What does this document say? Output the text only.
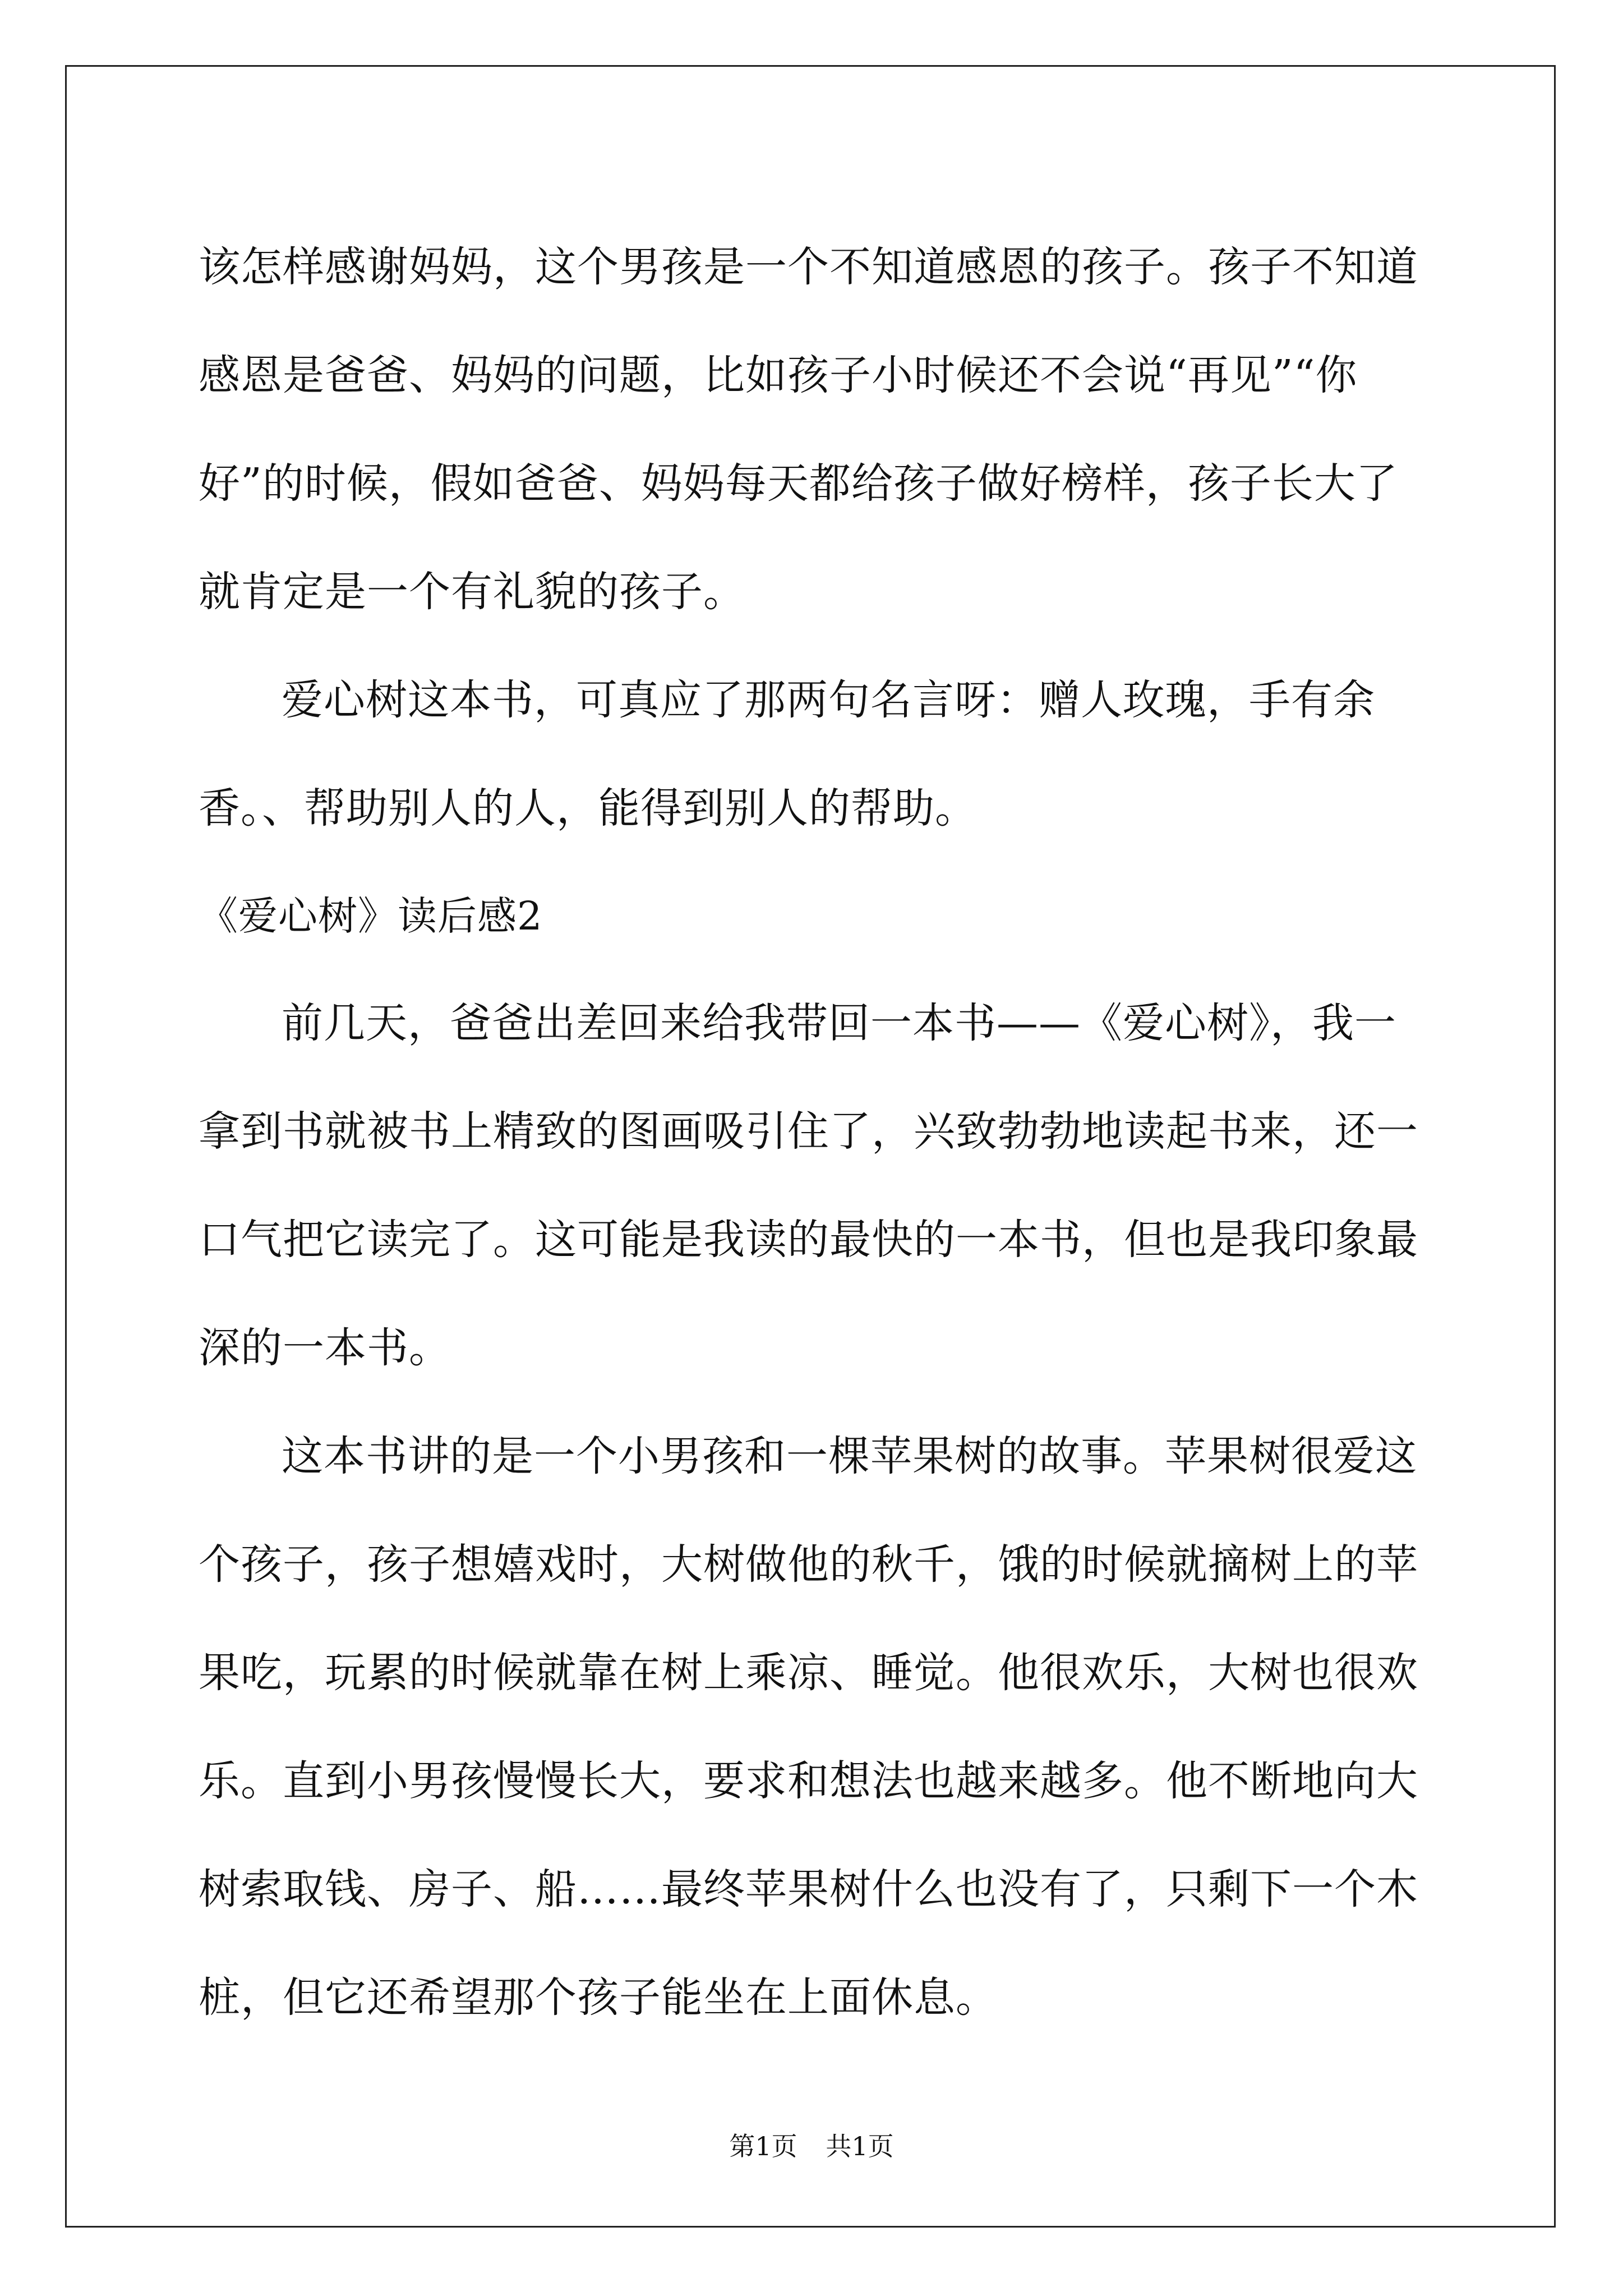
该怎样感谢妈妈，这个男孩是一个不知道感恩的孩子。孩子不知道感恩是爸爸、妈妈的问题，比如孩子小时候还不会说“再见”“你好”的时候，假如爸爸、妈妈每天都给孩子做好榜样，孩子长大了就肯定是一个有礼貌的孩子。

爱心树这本书，可真应了那两句名言呀：赠人玫瑰，手有余香。、帮助别人的人，能得到别人的帮助。

《爱心树》读后感2

前几天，爸爸出差回来给我带回一本书——《爱心树》，我一拿到书就被书上精致的图画吸引住了，兴致勃勃地读起书来，还一口气把它读完了。这可能是我读的最快的一本书，但也是我印象最深的一本书。

这本书讲的是一个小男孩和一棵苹果树的故事。苹果树很爱这个孩子，孩子想嬉戏时，大树做他的秋千，饿的时候就摘树上的苹果吃，玩累的时候就靠在树上乘凉、睡觉。他很欢乐，大树也很欢乐。直到小男孩慢慢长大，要求和想法也越来越多。他不断地向大树索取钱、房子、船……最终苹果树什么也没有了，只剩下一个木桩，但它还希望那个孩子能坐在上面休息。

第1页 共1页
